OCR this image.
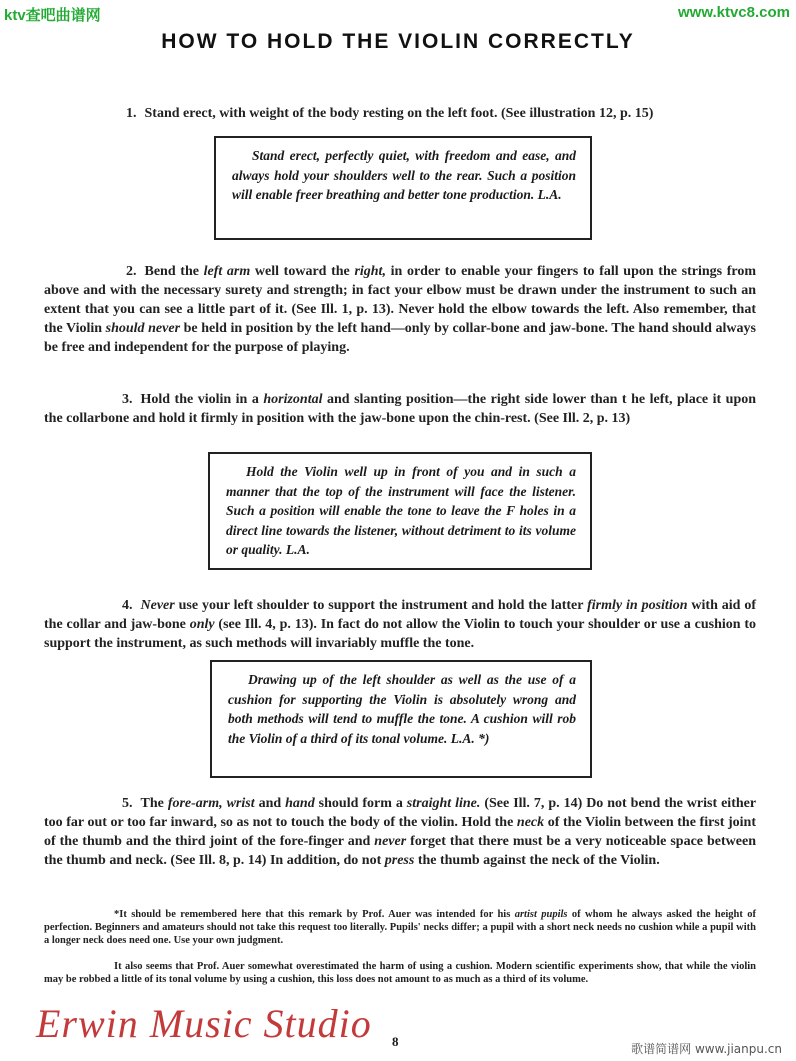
ktv查吧曲谱网	www.ktvc8.com
HOW TO HOLD THE VIOLIN CORRECTLY
1. Stand erect, with weight of the body resting on the left foot. (See illustration 12, p. 15)

Stand erect, perfectly quiet, with freedom and ease, and always hold your shoulders well to the rear. Such a position will enable freer breathing and better tone production. L.A.

2. Bend the left arm well toward the right, in order to enable your fingers to fall upon the strings from above and with the necessary surety and strength; in fact your elbow must be drawn under the instrument to such an extent that you can see a little part of it. (See Ill. 1, p. 13). Never hold the elbow towards the left. Also remember, that the Violin should never be held in position by the left hand—only by collar-bone and jaw-bone. The hand should always be free and independent for the purpose of playing.
3. Hold the violin in a horizontal and slanting position—the right side lower than t he left, place it upon the collarbone and hold it firmly in position with the jaw-bone upon the chin-rest. (See Ill. 2, p. 13)

Hold the Violin well up in front of you and in such a manner that the top of the instrument will face the listener. Such a position will enable the tone to leave the F holes in a direct line towards the listener, without detriment to its volume or quality. L.A.

4. Never use your left shoulder to support the instrument and hold the latter firmly in position with aid of the collar and jaw-bone only (see Ill. 4, p. 13). In fact do not allow the Violin to touch your shoulder or use a cushion to support the instrument, as such methods will invariably muffle the tone.

Drawing up of the left shoulder as well as the use of a cushion for supporting the Violin is absolutely wrong and both methods will tend to muffle the tone. A cushion will rob the Violin of a third of its tonal volume. L.A. *)

5. The fore-arm, wrist and hand should form a straight line. (See Ill. 7, p. 14) Do not bend the wrist either too far out or too far inward, so as not to touch the body of the violin. Hold the neck of the Violin between the first joint of the thumb and the third joint of the fore-finger and never forget that there must be a very noticeable space between the thumb and neck. (See Ill. 8, p. 14) In addition, do not press the thumb against the neck of the Violin.

*It should be remembered here that this remark by Prof. Auer was intended for his artist pupils of whom he always asked the height of perfection. Beginners and amateurs should not take this request too literally. Pupils' necks differ; a pupil with a short neck needs no cushion while a pupil with a longer neck does need one. Use your own judgment.

It also seems that Prof. Auer somewhat overestimated the harm of using a cushion. Modern scientific experiments show, that while the violin may be robbed a little of its tonal volume by using a cushion, this loss does not amount to as much as a third of its volume.

Erwin Music Studio 8	歌谱简谱网 www.jianpu.cn
